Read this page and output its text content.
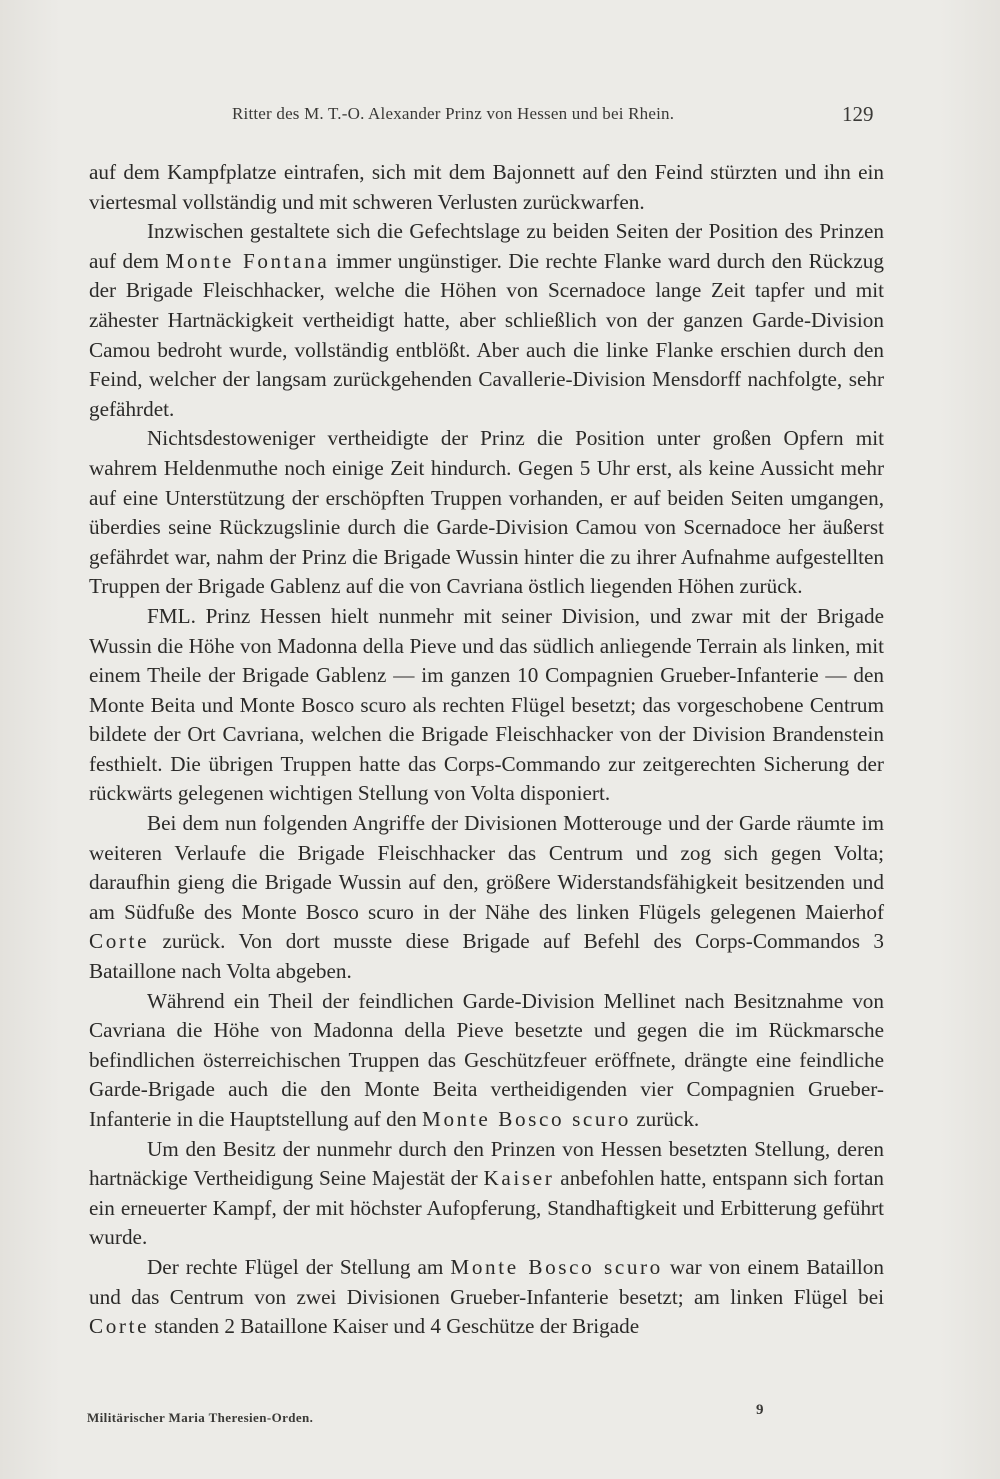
Ritter des M. T.-O. Alexander Prinz von Hessen und bei Rhein.	129

auf dem Kampfplatze eintrafen, sich mit dem Bajonnett auf den Feind stürzten und ihn ein viertesmal vollständig und mit schweren Verlusten zurückwarfen.

Inzwischen gestaltete sich die Gefechtslage zu beiden Seiten der Position des Prinzen auf dem Monte Fontana immer ungünstiger. Die rechte Flanke ward durch den Rückzug der Brigade Fleischhacker, welche die Höhen von Scernadoce lange Zeit tapfer und mit zähester Hartnäckigkeit vertheidigt hatte, aber schließlich von der ganzen Garde-Division Camou bedroht wurde, vollständig entblößt. Aber auch die linke Flanke erschien durch den Feind, welcher der langsam zurückgehenden Cavallerie-Division Mensdorff nachfolgte, sehr gefährdet.

Nichtsdestoweniger vertheidigte der Prinz die Position unter großen Opfern mit wahrem Heldenmuthe noch einige Zeit hindurch. Gegen 5 Uhr erst, als keine Aussicht mehr auf eine Unterstützung der erschöpften Truppen vorhanden, er auf beiden Seiten umgangen, überdies seine Rückzugslinie durch die Garde-Division Camou von Scernadoce her äußerst gefährdet war, nahm der Prinz die Brigade Wussin hinter die zu ihrer Aufnahme aufgestellten Truppen der Brigade Gablenz auf die von Cavriana östlich liegenden Höhen zurück.

FML. Prinz Hessen hielt nunmehr mit seiner Division, und zwar mit der Brigade Wussin die Höhe von Madonna della Pieve und das südlich anliegende Terrain als linken, mit einem Theile der Brigade Gablenz — im ganzen 10 Compagnien Grueber-Infanterie — den Monte Beita und Monte Bosco scuro als rechten Flügel besetzt; das vorgeschobene Centrum bildete der Ort Cavriana, welchen die Brigade Fleischhacker von der Division Brandenstein festhielt. Die übrigen Truppen hatte das Corps-Commando zur zeitgerechten Sicherung der rückwärts gelegenen wichtigen Stellung von Volta disponiert.

Bei dem nun folgenden Angriffe der Divisionen Motterouge und der Garde räumte im weiteren Verlaufe die Brigade Fleischhacker das Centrum und zog sich gegen Volta; daraufhin gieng die Brigade Wussin auf den, größere Widerstandsfähigkeit besitzenden und am Südfuße des Monte Bosco scuro in der Nähe des linken Flügels gelegenen Maierhof Corte zurück. Von dort musste diese Brigade auf Befehl des Corps-Commandos 3 Bataillone nach Volta abgeben.

Während ein Theil der feindlichen Garde-Division Mellinet nach Besitznahme von Cavriana die Höhe von Madonna della Pieve besetzte und gegen die im Rückmarsche befindlichen österreichischen Truppen das Geschützfeuer eröffnete, drängte eine feindliche Garde-Brigade auch die den Monte Beita vertheidigenden vier Compagnien Grueber-Infanterie in die Hauptstellung auf den Monte Bosco scuro zurück.

Um den Besitz der nunmehr durch den Prinzen von Hessen besetzten Stellung, deren hartnäckige Vertheidigung Seine Majestät der Kaiser anbefohlen hatte, entspann sich fortan ein erneuerter Kampf, der mit höchster Aufopferung, Standhaftigkeit und Erbitterung geführt wurde.

Der rechte Flügel der Stellung am Monte Bosco scuro war von einem Bataillon und das Centrum von zwei Divisionen Grueber-Infanterie besetzt; am linken Flügel bei Corte standen 2 Bataillone Kaiser und 4 Geschütze der Brigade

Militärischer Maria Theresien-Orden.	9
